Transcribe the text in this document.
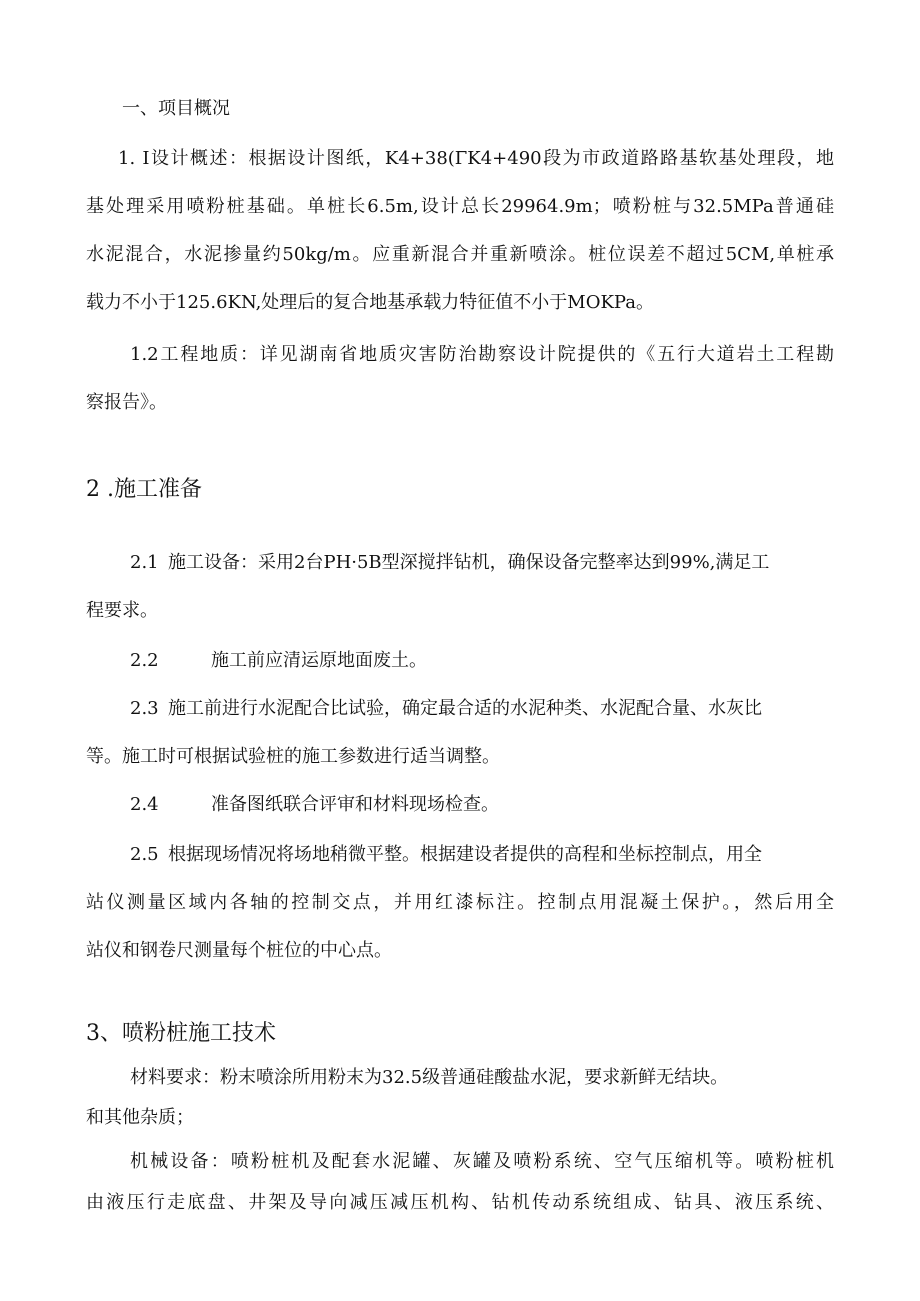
一、项目概况
1. I设计概述：根据设计图纸，K4+38(ΓK4+490段为市政道路路基软基处理段，地
基处理采用喷粉桩基础。单桩长6.5m,设计总长29964.9m；喷粉桩与32.5MPa普通硅
水泥混合，水泥掺量约50kg∕m。应重新混合并重新喷涂。桩位误差不超过5CM,单桩承
载力不小于125.6KN,处理后的复合地基承载力特征值不小于MOKPa。
1.2工程地质：详见湖南省地质灾害防治勘察设计院提供的《五行大道岩土工程勘
察报告》。
2 .施工准备
2.1 施工设备：采用2台PH·5B型深搅拌钻机，确保设备完整率达到99%,满足工
程要求。
2.2	施工前应清运原地面废土。
2.3 施工前进行水泥配合比试验，确定最合适的水泥种类、水泥配合量、水灰比
等。施工时可根据试验桩的施工参数进行适当调整。
2.4	准备图纸联合评审和材料现场检查。
2.5 根据现场情况将场地稍微平整。根据建设者提供的高程和坐标控制点，用全
站仪测量区域内各轴的控制交点，并用红漆标注。控制点用混凝土保护。，然后用全
站仪和钢卷尺测量每个桩位的中心点。
3、喷粉桩施工技术
材料要求：粉末喷涂所用粉末为32.5级普通硅酸盐水泥，要求新鲜无结块。
和其他杂质；
机械设备：喷粉桩机及配套水泥罐、灰罐及喷粉系统、空气压缩机等。喷粉桩机
由液压行走底盘、井架及导向减压减压机构、钻机传动系统组成、钻具、液压系统、
